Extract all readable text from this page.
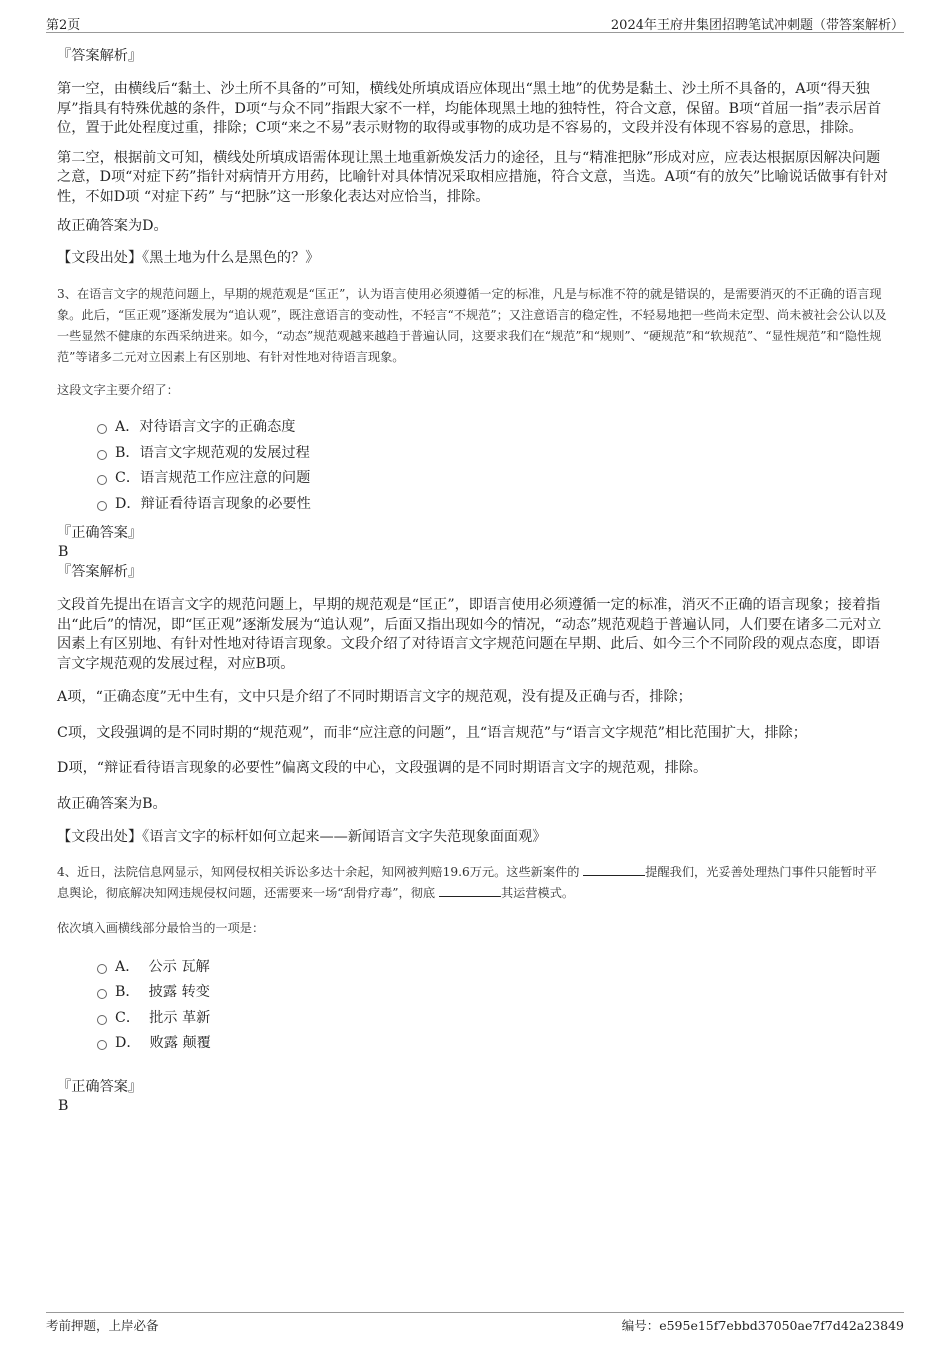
第2页	2024年王府井集团招聘笔试冲刺题（带答案解析）

『答案解析』

第一空，由横线后“黏土、沙土所不具备的”可知，横线处所填成语应体现出“黑土地”的优势是黏土、沙土所不具备的，A项“得天独厚”指具有特殊优越的条件，D项“与众不同”指跟大家不一样，均能体现黑土地的独特性，符合文意，保留。B项“首屈一指”表示居首位，置于此处程度过重，排除；C项“来之不易”表示财物的取得或事物的成功是不容易的，文段并没有体现不容易的意思，排除。

第二空，根据前文可知，横线处所填成语需体现让黑土地重新焕发活力的途径，且与“精准把脉”形成对应，应表达根据原因解决问题之意，D项“对症下药”指针对病情开方用药，比喻针对具体情况采取相应措施，符合文意，当选。A项“有的放矢”比喻说话做事有针对性，不如D项 “对症下药” 与“把脉”这一形象化表达对应恰当，排除。

故正确答案为D。

【文段出处】《黑土地为什么是黑色的？》

3、在语言文字的规范问题上，早期的规范观是“匡正”，认为语言使用必须遵循一定的标准，凡是与标准不符的就是错误的，是需要消灭的不正确的语言现象。此后，“匡正观”逐渐发展为“追认观”，既注意语言的变动性，不轻言“不规范”；又注意语言的稳定性，不轻易地把一些尚未定型、尚未被社会公认以及一些显然不健康的东西采纳进来。如今，“动态”规范观越来越趋于普遍认同，这要求我们在“规范”和“规则”、“硬规范”和“软规范”、“显性规范”和“隐性规范”等诸多二元对立因素上有区别地、有针对性地对待语言现象。

这段文字主要介绍了：

A．对待语言文字的正确态度
B．语言文字规范观的发展过程
C．语言规范工作应注意的问题
D．辩证看待语言现象的必要性

『正确答案』

B

『答案解析』

文段首先提出在语言文字的规范问题上，早期的规范观是“匡正”，即语言使用必须遵循一定的标准，消灭不正确的语言现象；接着指出“此后”的情况，即“匡正观”逐渐发展为“追认观”，后面又指出现如今的情况，“动态”规范观趋于普遍认同，人们要在诸多二元对立因素上有区别地、有针对性地对待语言现象。文段介绍了对待语言文字规范问题在早期、此后、如今三个不同阶段的观点态度，即语言文字规范观的发展过程，对应B项。

A项，“正确态度”无中生有，文中只是介绍了不同时期语言文字的规范观，没有提及正确与否，排除；

C项，文段强调的是不同时期的“规范观”，而非“应注意的问题”，且“语言规范”与“语言文字规范”相比范围扩大，排除；

D项，“辩证看待语言现象的必要性”偏离文段的中心，文段强调的是不同时期语言文字的规范观，排除。

故正确答案为B。

【文段出处】《语言文字的标杆如何立起来——新闻语言文字失范现象面面观》

4、近日，法院信息网显示，知网侵权相关诉讼多达十余起，知网被判赔19.6万元。这些新案件的	提醒我们，光妥善处理热门事件只能暂时平息舆论，彻底解决知网违规侵权问题，还需要来一场“刮骨疗毒”，彻底	其运营模式。

依次填入画横线部分最恰当的一项是：

A．  公示 瓦解
B．  披露 转变
C．  批示 革新
D．  败露 颠覆

『正确答案』

B

考前押题，上岸必备	编号：e595e15f7ebbd37050ae7f7d42a23849
